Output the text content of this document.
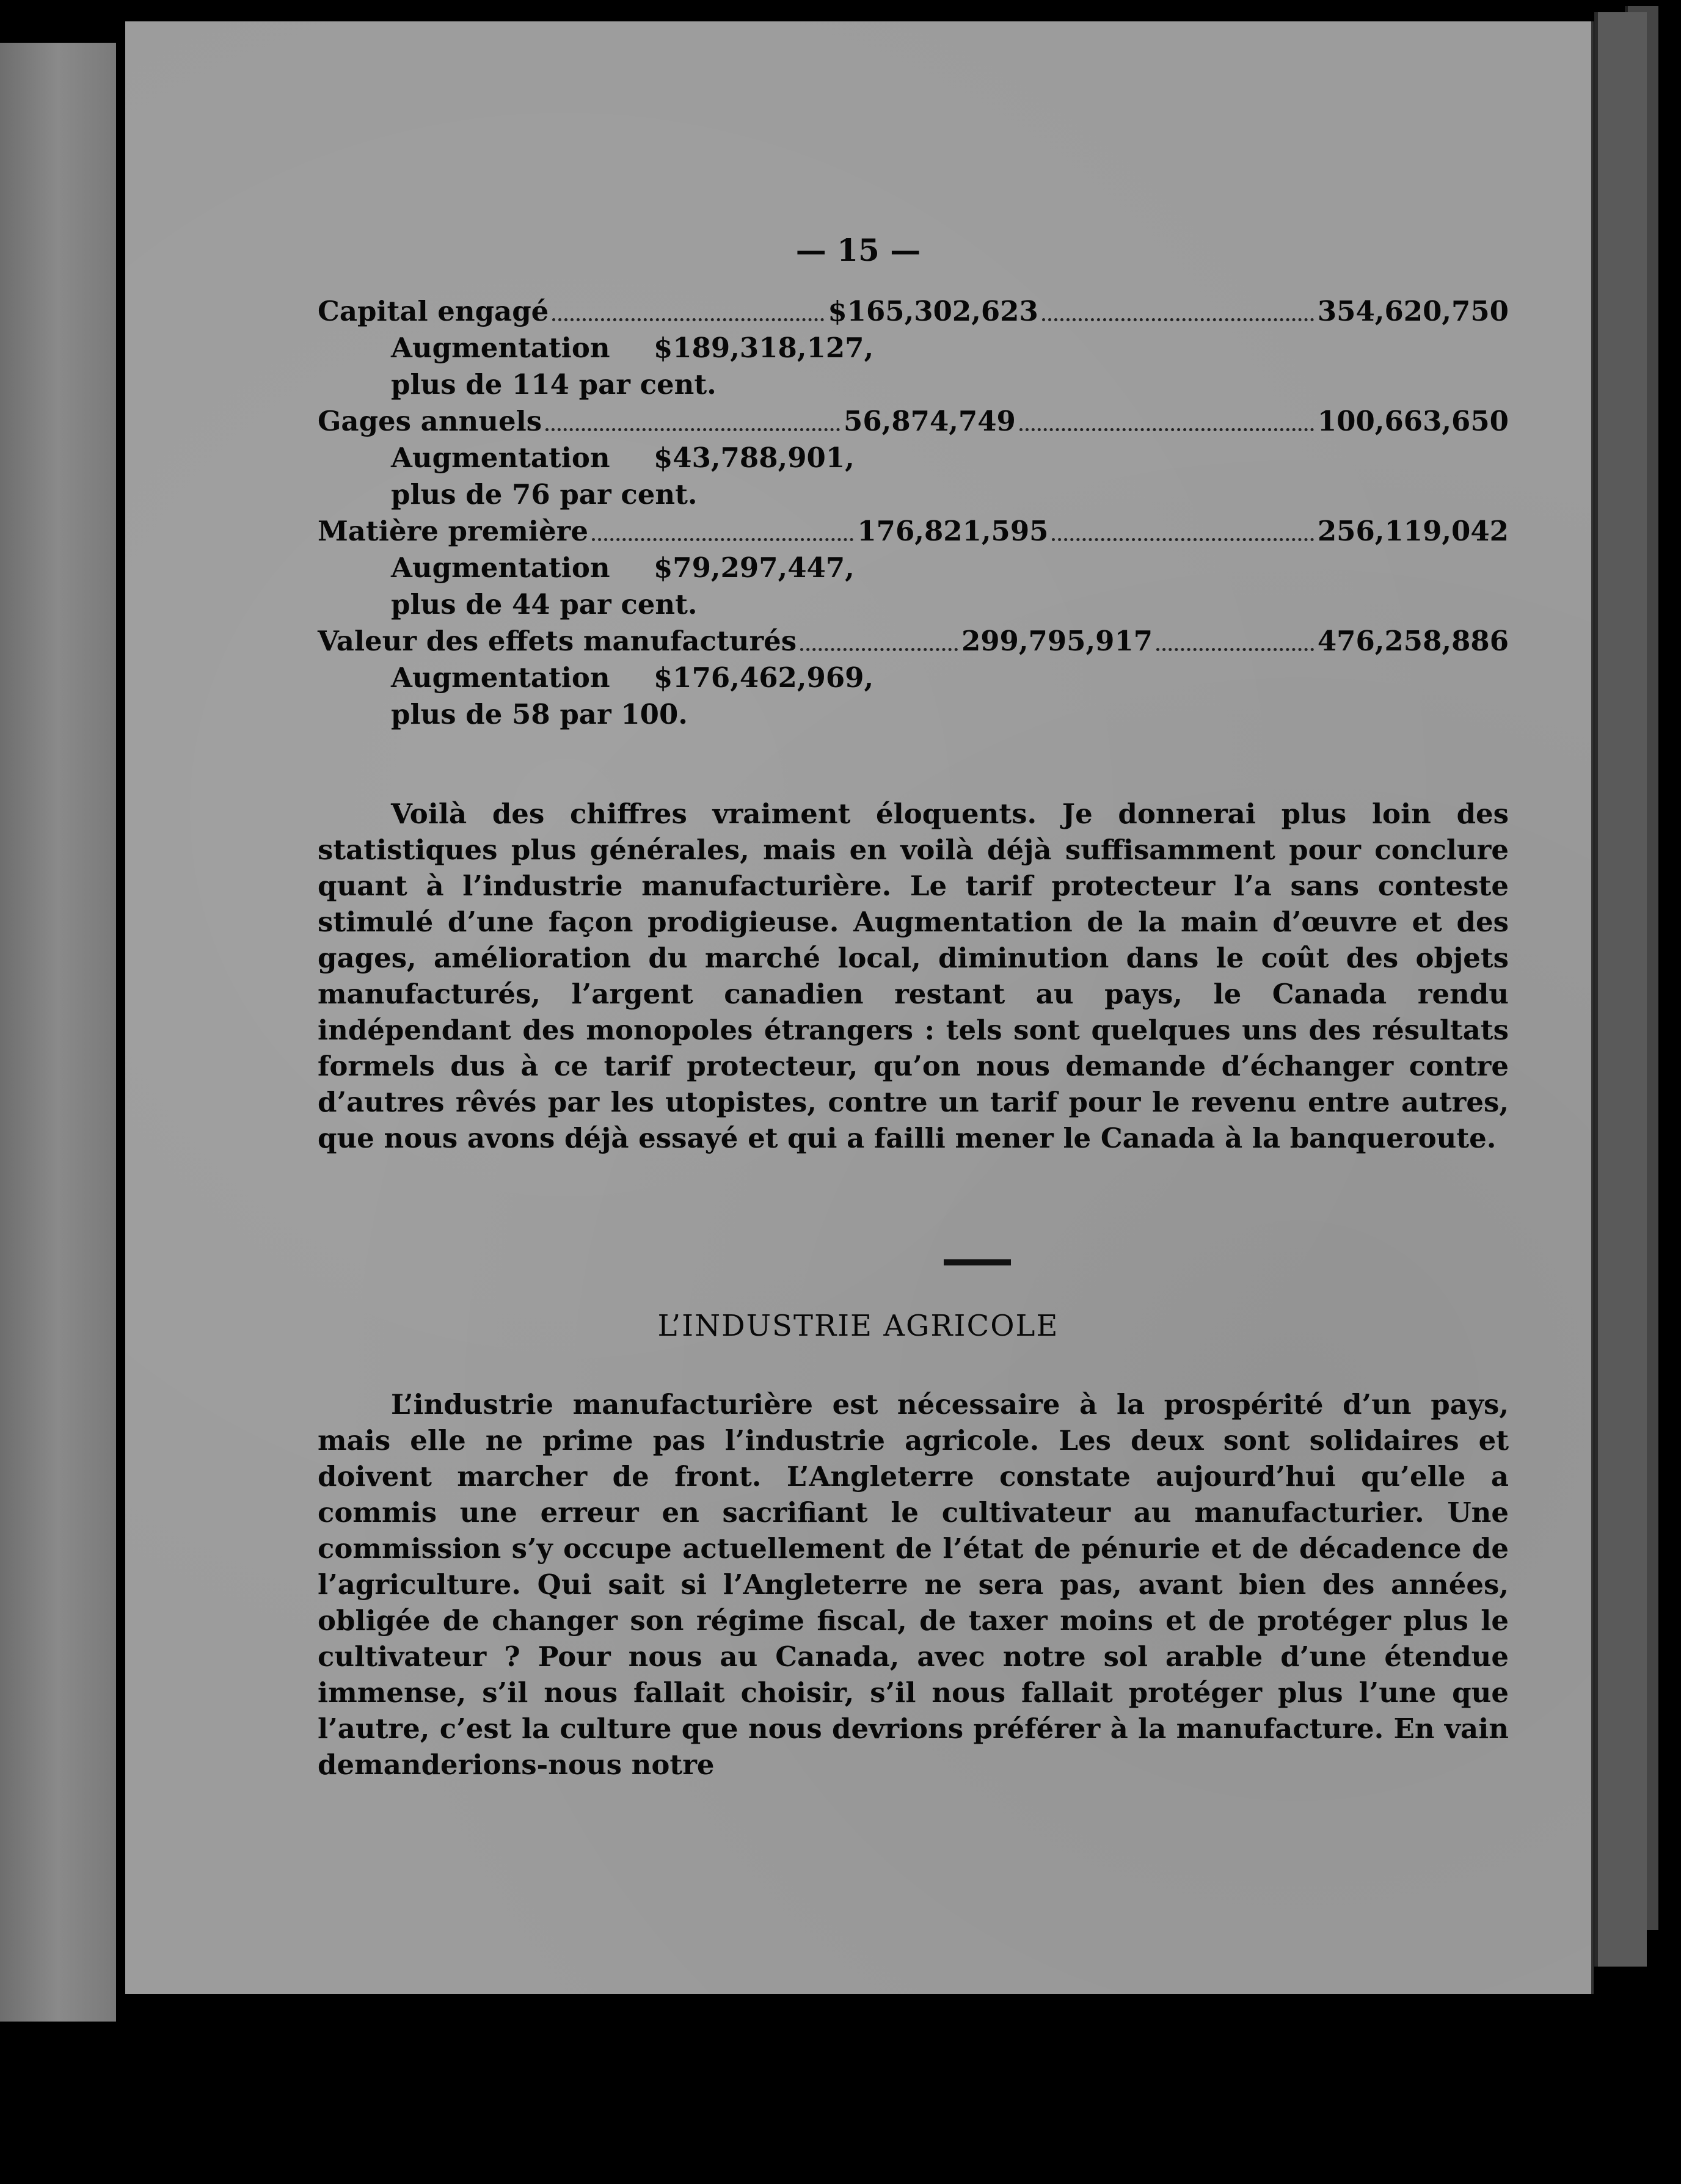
— 15 —
Capital engagé	$165,302,623	354,620,750
Augmentation $189,318,127,
plus de 114 par cent.
Gages annuels	56,874,749	100,663,650
Augmentation $43,788,901,
plus de 76 par cent.
Matière première	176,821,595	256,119,042
Augmentation $79,297,447,
plus de 44 par cent.
Valeur des effets manufacturés	299,795,917	476,258,886
Augmentation $176,462,969,
plus de 58 par 100.

Voilà des chiffres vraiment éloquents. Je donnerai plus loin des statistiques plus générales, mais en voilà déjà suffisamment pour conclure quant à l’industrie manufacturière. Le tarif protecteur l’a sans conteste stimulé d’une façon prodigieuse. Augmentation de la main d’œuvre et des gages, amélioration du marché local, diminution dans le coût des objets manufacturés, l’argent canadien restant au pays, le Canada rendu indépendant des monopoles étrangers : tels sont quelques uns des résultats formels dus à ce tarif protecteur, qu’on nous demande d’échanger contre d’autres rêvés par les utopistes, contre un tarif pour le revenu entre autres, que nous avons déjà essayé et qui a failli mener le Canada à la banqueroute.

L’INDUSTRIE AGRICOLE

L’industrie manufacturière est nécessaire à la prospérité d’un pays, mais elle ne prime pas l’industrie agricole. Les deux sont solidaires et doivent marcher de front. L’Angleterre constate aujourd’hui qu’elle a commis une erreur en sacrifiant le cultivateur au manufacturier. Une commission s’y occupe actuellement de l’état de pénurie et de décadence de l’agriculture. Qui sait si l’Angleterre ne sera pas, avant bien des années, obligée de changer son régime fiscal, de taxer moins et de protéger plus le cultivateur ? Pour nous au Canada, avec notre sol arable d’une étendue immense, s’il nous fallait choisir, s’il nous fallait protéger plus l’une que l’autre, c’est la culture que nous devrions préférer à la manufacture. En vain demanderions-nous notre
